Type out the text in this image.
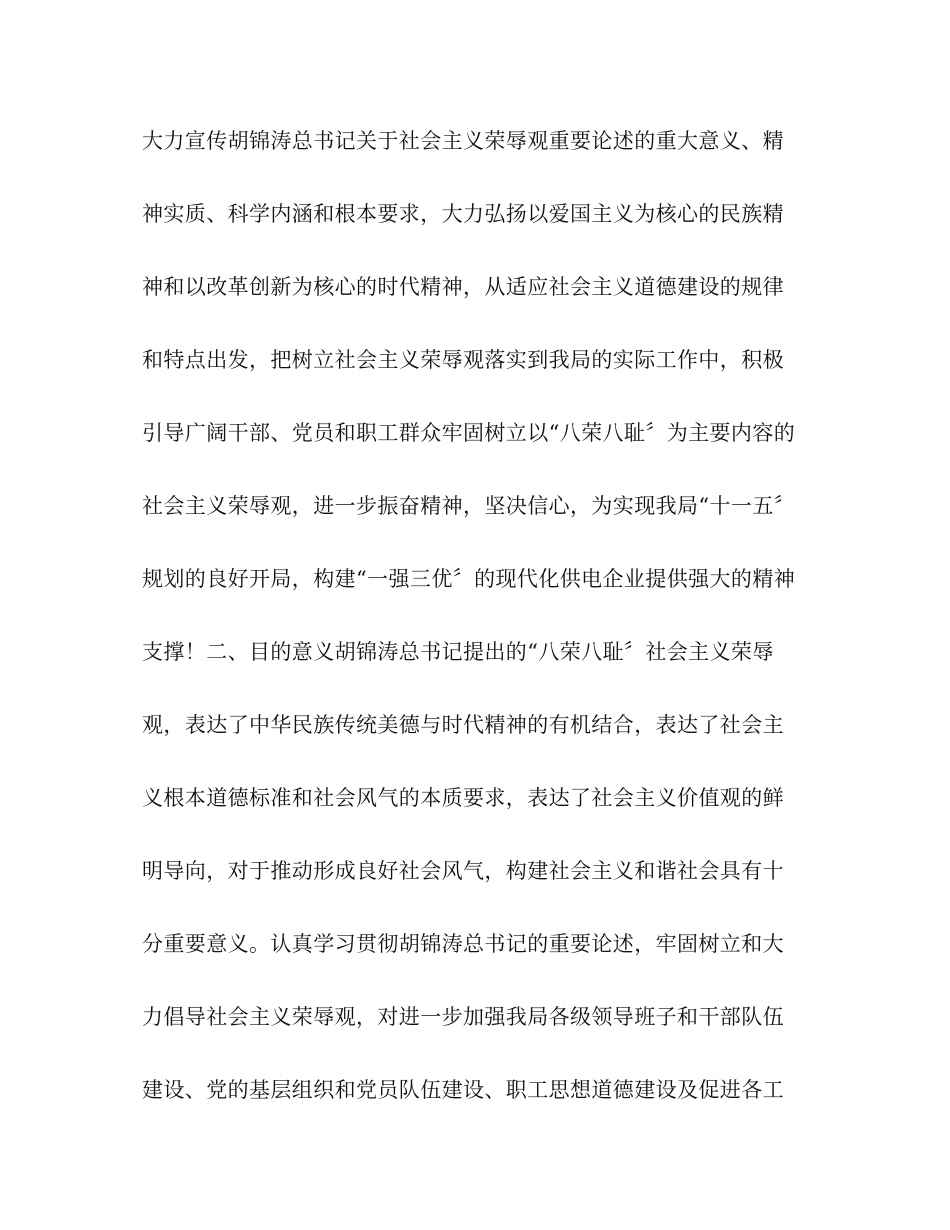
大力宣传胡锦涛总书记关于社会主义荣辱观重要论述的重大意义、精

神实质、科学内涵和根本要求，大力弘扬以爱国主义为核心的民族精

神和以改革创新为核心的时代精神，从适应社会主义道德建设的规律

和特点出发，把树立社会主义荣辱观落实到我局的实际工作中，积极

引导广阔干部、党员和职工群众牢固树立以“八荣八耻〞为主要内容的

社会主义荣辱观，进一步振奋精神，坚决信心，为实现我局“十一五〞

规划的良好开局，构建“一强三优〞的现代化供电企业提供强大的精神

支撑！二、目的意义胡锦涛总书记提出的“八荣八耻〞社会主义荣辱

观，表达了中华民族传统美德与时代精神的有机结合，表达了社会主

义根本道德标准和社会风气的本质要求，表达了社会主义价值观的鲜

明导向，对于推动形成良好社会风气，构建社会主义和谐社会具有十

分重要意义。认真学习贯彻胡锦涛总书记的重要论述，牢固树立和大

力倡导社会主义荣辱观，对进一步加强我局各级领导班子和干部队伍

建设、党的基层组织和党员队伍建设、职工思想道德建设及促进各工
